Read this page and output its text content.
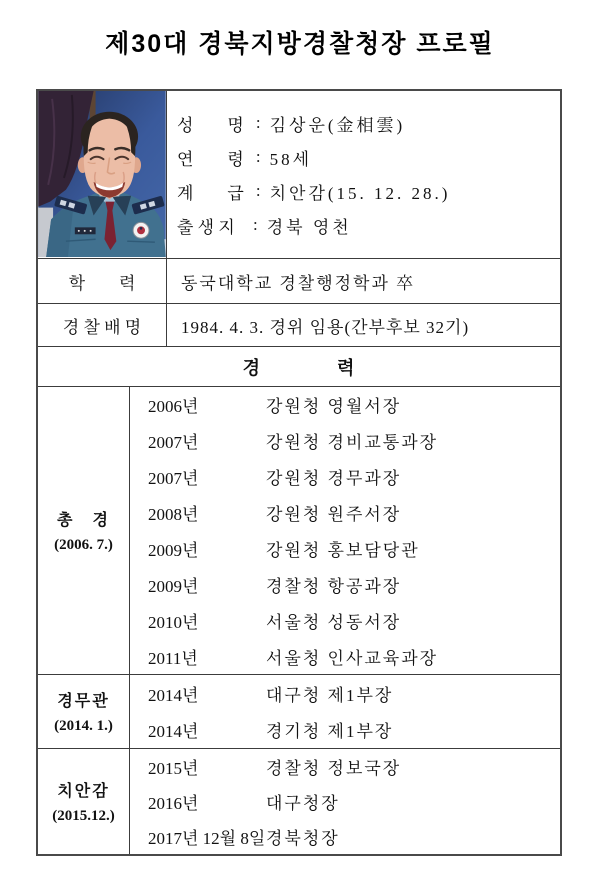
제30대 경북지방경찰청장 프로필
성　　명 : 김상운(金相雲)
연　　령 : 58세
계　　급 : 치안감(15. 12. 28.)
출 생 지	: 경북 영천
학　　력	동국대학교 경찰행정학과 卒
경 찰 배 명	1984. 4. 3. 경위 임용(간부후보 32기)
경　　　　력
총　경
(2006. 7.)
2006년	강원청 영월서장
2007년	강원청 경비교통과장
2007년	강원청 경무과장
2008년	강원청 원주서장
2009년	강원청 홍보담당관
2009년	경찰청 항공과장
2010년	서울청 성동서장
2011년	서울청 인사교육과장
경무관
(2014. 1.)
2014년	대구청 제1부장
2014년	경기청 제1부장
치안감
(2015.12.)
2015년	경찰청 정보국장
2016년	대구청장
2017년 12월 8일 경북청장
